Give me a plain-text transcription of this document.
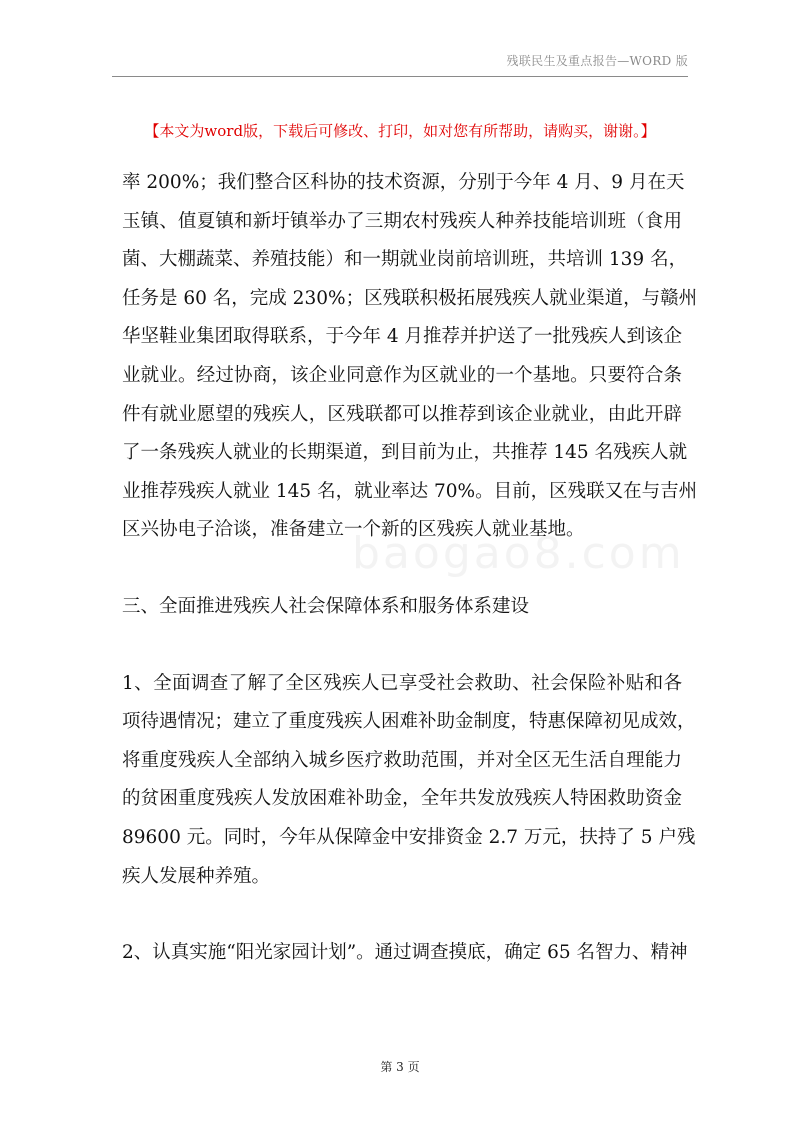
残联民生及重点报告—WORD 版
【本文为word版，下载后可修改、打印，如对您有所帮助，请购买，谢谢。】
baogao8.com
率 200%；我们整合区科协的技术资源，分别于今年 4 月、9 月在天
玉镇、值夏镇和新圩镇举办了三期农村残疾人种养技能培训班（食用
菌、大棚蔬菜、养殖技能）和一期就业岗前培训班，共培训 139 名，
任务是 60 名，完成 230%；区残联积极拓展残疾人就业渠道，与赣州
华坚鞋业集团取得联系，于今年 4 月推荐并护送了一批残疾人到该企
业就业。经过协商，该企业同意作为区就业的一个基地。只要符合条
件有就业愿望的残疾人，区残联都可以推荐到该企业就业，由此开辟
了一条残疾人就业的长期渠道，到目前为止，共推荐 145 名残疾人就
业推荐残疾人就业 145 名，就业率达 70%。目前，区残联又在与吉州
区兴协电子洽谈，准备建立一个新的区残疾人就业基地。
三、全面推进残疾人社会保障体系和服务体系建设
1、全面调查了解了全区残疾人已享受社会救助、社会保险补贴和各
项待遇情况；建立了重度残疾人困难补助金制度，特惠保障初见成效，
将重度残疾人全部纳入城乡医疗救助范围，并对全区无生活自理能力
的贫困重度残疾人发放困难补助金，全年共发放残疾人特困救助资金
89600 元。同时，今年从保障金中安排资金 2.7 万元，扶持了 5 户残
疾人发展种养殖。
2、认真实施“阳光家园计划”。通过调查摸底，确定 65 名智力、精神
第 3 页
